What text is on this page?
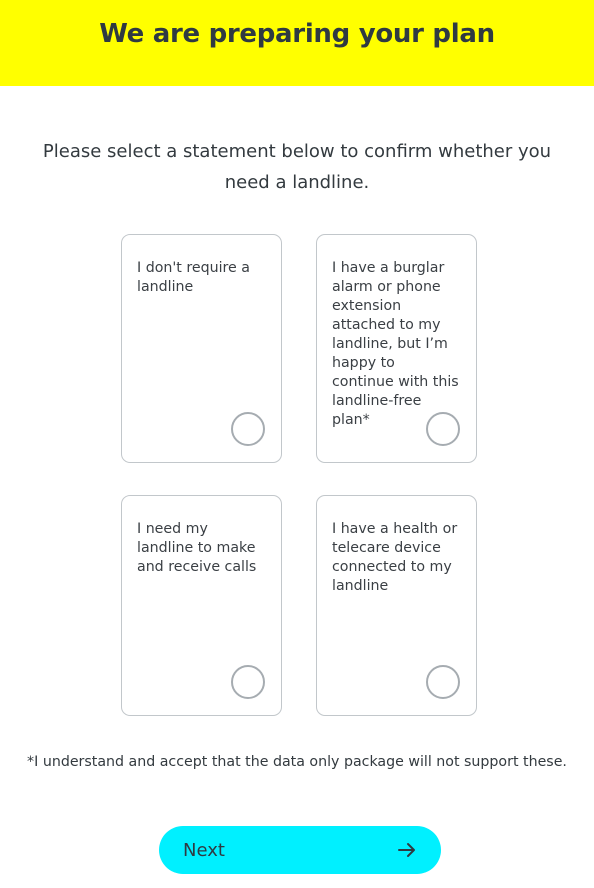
We are preparing your plan
Please select a statement below to confirm whether you need a landline.
I don't require a landline
I have a burglar alarm or phone extension attached to my landline, but I’m happy to continue with this landline-free plan*
I need my landline to make and receive calls
I have a health or telecare device connected to my landline
*I understand and accept that the data only package will not support these.
Next
